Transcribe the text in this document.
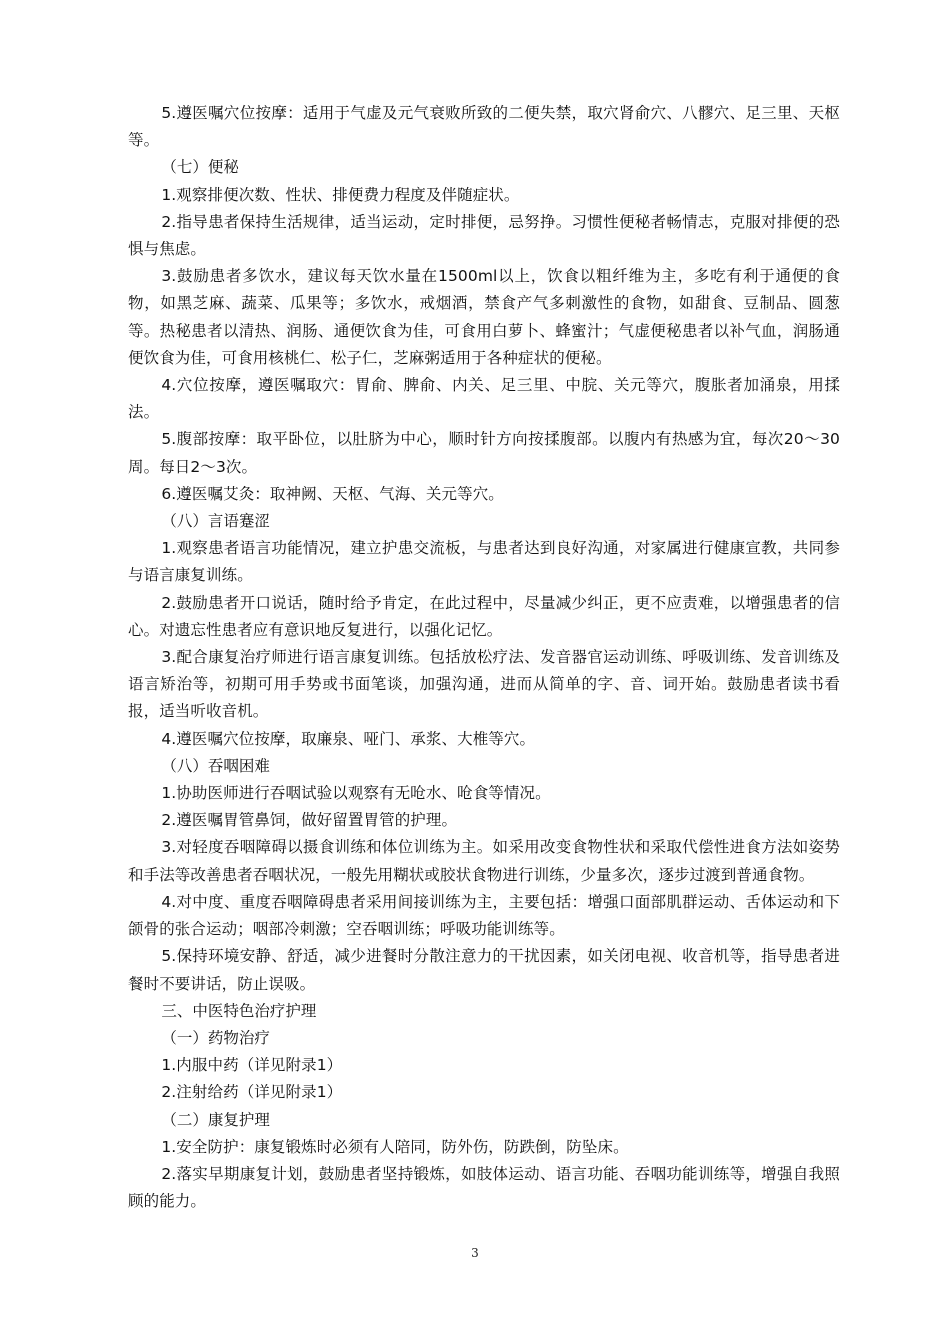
5.遵医嘱穴位按摩：适用于气虚及元气衰败所致的二便失禁，取穴肾俞穴、八髎穴、足三里、天枢等。

（七）便秘

1.观察排便次数、性状、排便费力程度及伴随症状。

2.指导患者保持生活规律，适当运动，定时排便，忌努挣。习惯性便秘者畅情志，克服对排便的恐惧与焦虑。

3.鼓励患者多饮水，建议每天饮水量在1500ml以上，饮食以粗纤维为主，多吃有利于通便的食物，如黑芝麻、蔬菜、瓜果等；多饮水，戒烟酒，禁食产气多刺激性的食物，如甜食、豆制品、圆葱等。热秘患者以清热、润肠、通便饮食为佳，可食用白萝卜、蜂蜜汁；气虚便秘患者以补气血，润肠通便饮食为佳，可食用核桃仁、松子仁，芝麻粥适用于各种症状的便秘。

4.穴位按摩，遵医嘱取穴：胃俞、脾俞、内关、足三里、中脘、关元等穴，腹胀者加涌泉，用揉法。

5.腹部按摩：取平卧位，以肚脐为中心，顺时针方向按揉腹部。以腹内有热感为宜，每次20～30周。每日2～3次。

6.遵医嘱艾灸：取神阙、天枢、气海、关元等穴。

（八）言语蹇涩

1.观察患者语言功能情况，建立护患交流板，与患者达到良好沟通，对家属进行健康宣教，共同参与语言康复训练。

2.鼓励患者开口说话，随时给予肯定，在此过程中，尽量减少纠正，更不应责难，以增强患者的信心。对遗忘性患者应有意识地反复进行，以强化记忆。

3.配合康复治疗师进行语言康复训练。包括放松疗法、发音器官运动训练、呼吸训练、发音训练及语言矫治等，初期可用手势或书面笔谈，加强沟通，进而从简单的字、音、词开始。鼓励患者读书看报，适当听收音机。

4.遵医嘱穴位按摩，取廉泉、哑门、承浆、大椎等穴。

（八）吞咽困难

1.协助医师进行吞咽试验以观察有无呛水、呛食等情况。

2.遵医嘱胃管鼻饲，做好留置胃管的护理。

3.对轻度吞咽障碍以摄食训练和体位训练为主。如采用改变食物性状和采取代偿性进食方法如姿势和手法等改善患者吞咽状况，一般先用糊状或胶状食物进行训练，少量多次，逐步过渡到普通食物。

4.对中度、重度吞咽障碍患者采用间接训练为主，主要包括：增强口面部肌群运动、舌体运动和下颌骨的张合运动；咽部冷刺激；空吞咽训练；呼吸功能训练等。

5.保持环境安静、舒适，减少进餐时分散注意力的干扰因素，如关闭电视、收音机等，指导患者进餐时不要讲话，防止误吸。

三、中医特色治疗护理

（一）药物治疗

1.内服中药（详见附录1）

2.注射给药（详见附录1）

（二）康复护理

1.安全防护：康复锻炼时必须有人陪同，防外伤，防跌倒，防坠床。

2.落实早期康复计划，鼓励患者坚持锻炼，如肢体运动、语言功能、吞咽功能训练等，增强自我照顾的能力。

3
